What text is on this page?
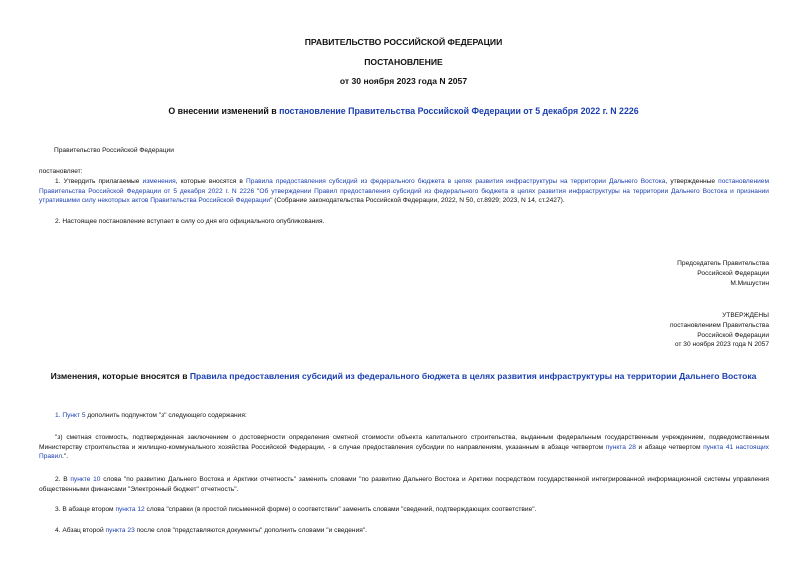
ПРАВИТЕЛЬСТВО РОССИЙСКОЙ ФЕДЕРАЦИИ
ПОСТАНОВЛЕНИЕ
от 30 ноября 2023 года N 2057
О внесении изменений в постановление Правительства Российской Федерации от 5 декабря 2022 г. N 2226
Правительство Российской Федерации
постановляет:
1. Утвердить прилагаемые изменения, которые вносятся в Правила предоставления субсидий из федерального бюджета в целях развития инфраструктуры на территории Дальнего Востока, утвержденные постановлением Правительства Российской Федерации от 5 декабря 2022 г. N 2226 "Об утверждении Правил предоставления субсидий из федерального бюджета в целях развития инфраструктуры на территории Дальнего Востока и признании утратившими силу некоторых актов Правительства Российской Федерации" (Собрание законодательства Российской Федерации, 2022, N 50, ст.8929; 2023, N 14, ст.2427).
2. Настоящее постановление вступает в силу со дня его официального опубликования.
Председатель Правительства
Российской Федерации
М.Мишустин
УТВЕРЖДЕНЫ
постановлением Правительства
Российской Федерации
от 30 ноября 2023 года N 2057
Изменения, которые вносятся в Правила предоставления субсидий из федерального бюджета в целях развития инфраструктуры на территории Дальнего Востока
1. Пункт 5 дополнить подпунктом "з" следующего содержания:
"з) сметная стоимость, подтвержденная заключением о достоверности определения сметной стоимости объекта капитального строительства, выданным федеральным государственным учреждением, подведомственным Министерству строительства и жилищно-коммунального хозяйства Российской Федерации, - в случае предоставления субсидии по направлениям, указанным в абзаце четвертом пункта 28 и абзаце четвертом пункта 41 настоящих Правил.".
2. В пункте 10 слова "по развитию Дальнего Востока и Арктики отчетность" заменить словами "по развитию Дальнего Востока и Арктики посредством государственной интегрированной информационной системы управления общественными финансами "Электронный бюджет" отчетность".
3. В абзаце втором пункта 12 слова "справки (в простой письменной форме) о соответствии" заменить словами "сведений, подтверждающих соответствие".
4. Абзац второй пункта 23 после слов "представляются документы" дополнить словами "и сведения".
